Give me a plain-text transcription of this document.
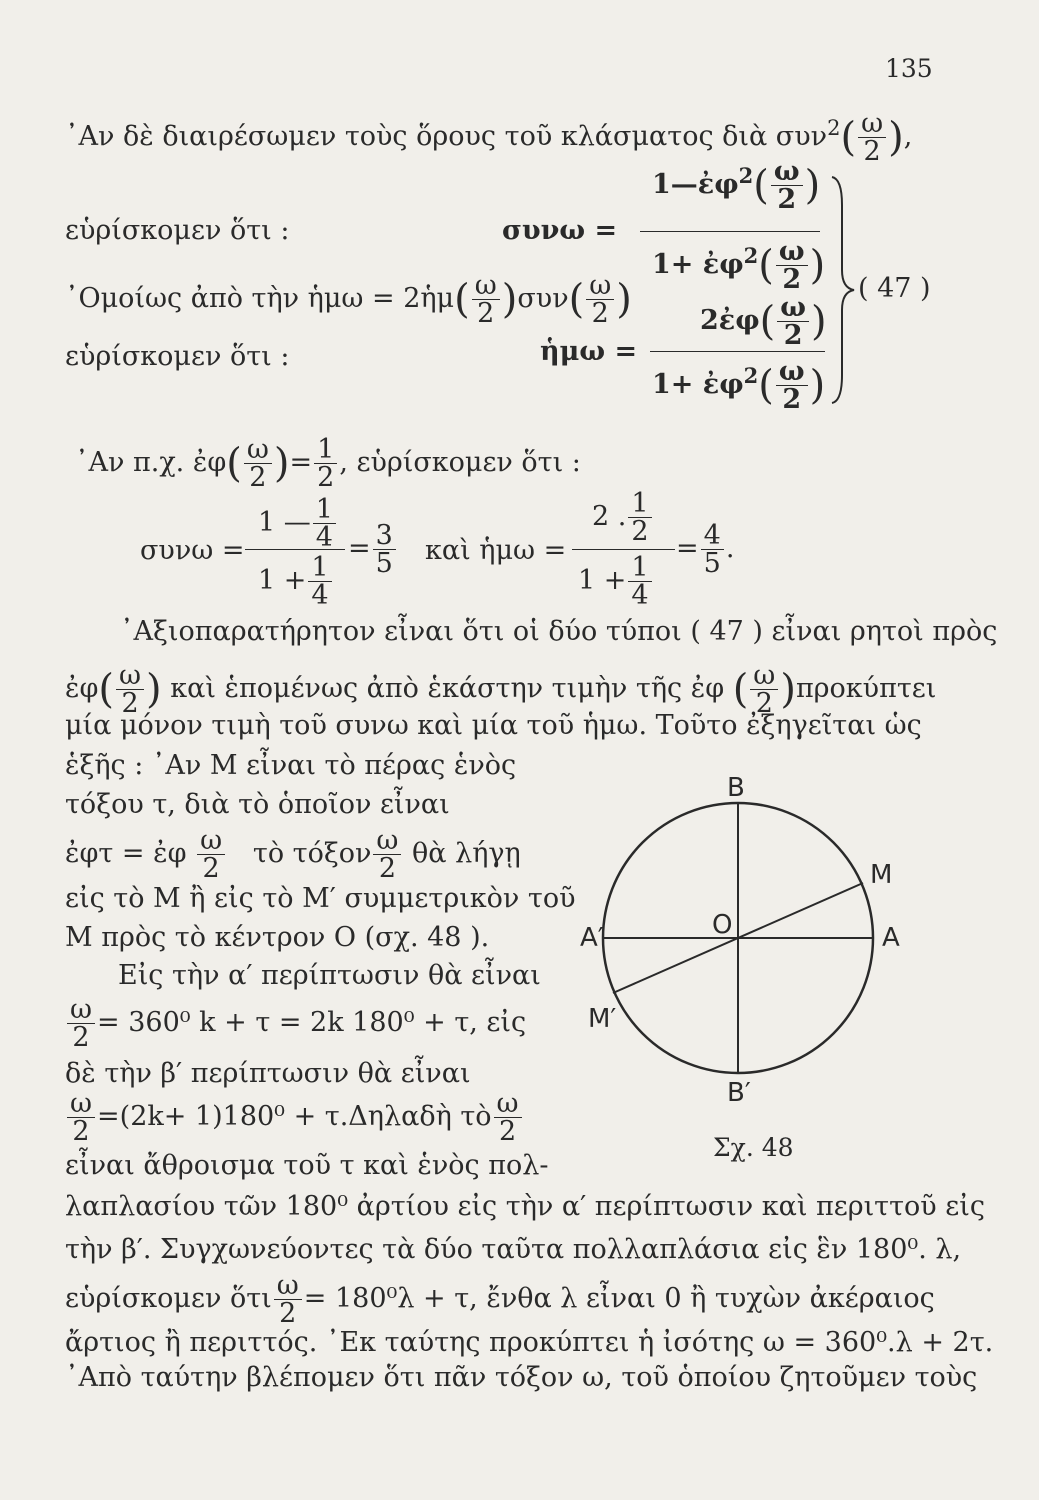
135
᾿Αν δὲ διαιρέσωμεν τοὺς ὅρους τοῦ κλάσματος διὰ $\sigma\upsilon\nu^2( \frac{\omega}{2}$ ),
εὑρίσκομεν ὅτι :	συνω =
1—ἐφ$^2$( $\frac{\omega}{2}$ )
1+ ἐφ$^2$( $\frac{\omega}{2}$ )
᾿Ομοίως ἀπὸ τὴν ἡμω = 2ἡμ( $\frac{\omega}{2} )\sigma\upsilon\nu( \frac{\omega}{2}$ )
εὑρίσκομεν ὅτι :	ἡμω =
2ἐφ( $\frac{\omega}{2}$ )
1+ ἐφ$^2$( $\frac{\omega}{2}$ )
( 47 )
᾿Αν π.χ. ἐφ( $\frac{\omega}{2}$ )= $\frac{1}{2}$ , εὑρίσκομεν ὅτι :
συνω =
1 — $\frac{1}{4}$
$1 + \frac{1}{4}$
= $\frac{3}{5}$ καὶ ἡμω =
2 . $\frac{1}{2}$
$1 + \frac{1}{4}$
= $\frac{4}{5}$ .
᾿Αξιοπαρατήρητον εἶναι ὅτι οἱ δύο τύποι ( 47 ) εἶναι ρητοὶ πρὸς
ἐφ( $\frac{\omega}{2}$ ) καὶ ἑπομένως ἀπὸ ἑκάστην τιμὴν τῆς ἐφ ( $\frac{\omega}{2} )\pi\rho o\kappa ύ\pi\tau\varepsilon\iota$
μία μόνον τιμὴ τοῦ συνω καὶ μία τοῦ ἡμω. Τοῦτο ἐξηγεῖται ὡς
ἑξῆς : ᾿Αν Μ εἶναι τὸ πέρας ἑνὸς
τόξου τ, διὰ τὸ ὁποῖον εἶναι
ἐφτ = ἐφ $\frac{\omega}{2}$ τὸ τόξον $\frac{\omega}{2}$ θὰ λήγῃ
εἰς τὸ Μ ἢ εἰς τὸ Μ′ συμμετρικὸν τοῦ
Μ πρὸς τὸ κέντρον Ο (σχ. 48 ).
Εἰς τὴν α′ περίπτωσιν θὰ εἶναι
$\frac{\omega}{2} = 360^0$ k + τ = 2k 180⁰ + τ, εἰς
δὲ τὴν β′ περίπτωσιν θὰ εἶναι
$\frac{\omega}{2} =(2k+ 1)180^0$ + τ.Δηλαδὴ τὸ $\frac{\omega}{2}$
εἶναι ἄθροισμα τοῦ τ καὶ ἑνὸς πολ-
λαπλασίου τῶν 180⁰ ἀρτίου εἰς τὴν α′ περίπτωσιν καὶ περιττοῦ εἰς
τὴν β′. Συγχωνεύοντες τὰ δύο ταῦτα πολλαπλάσια εἰς ἓν 180⁰. λ,
εὑρίσκομεν ὅτι $\frac{\omega}{2} = 180^0\lambda + \tau$, ἔνθα λ εἶναι 0 ἢ τυχὼν ἀκέραιος
ἄρτιος ἢ περιττός. ᾿Εκ ταύτης προκύπτει ἡ ἰσότης ω = 360⁰.λ + 2τ.
᾿Απὸ ταύτην βλέπομεν ὅτι πᾶν τόξον ω, τοῦ ὁποίου ζητοῦμεν τοὺς
Β
Μ
Α
Α′	Ο
Μ′
Β′
Σχ. 48
